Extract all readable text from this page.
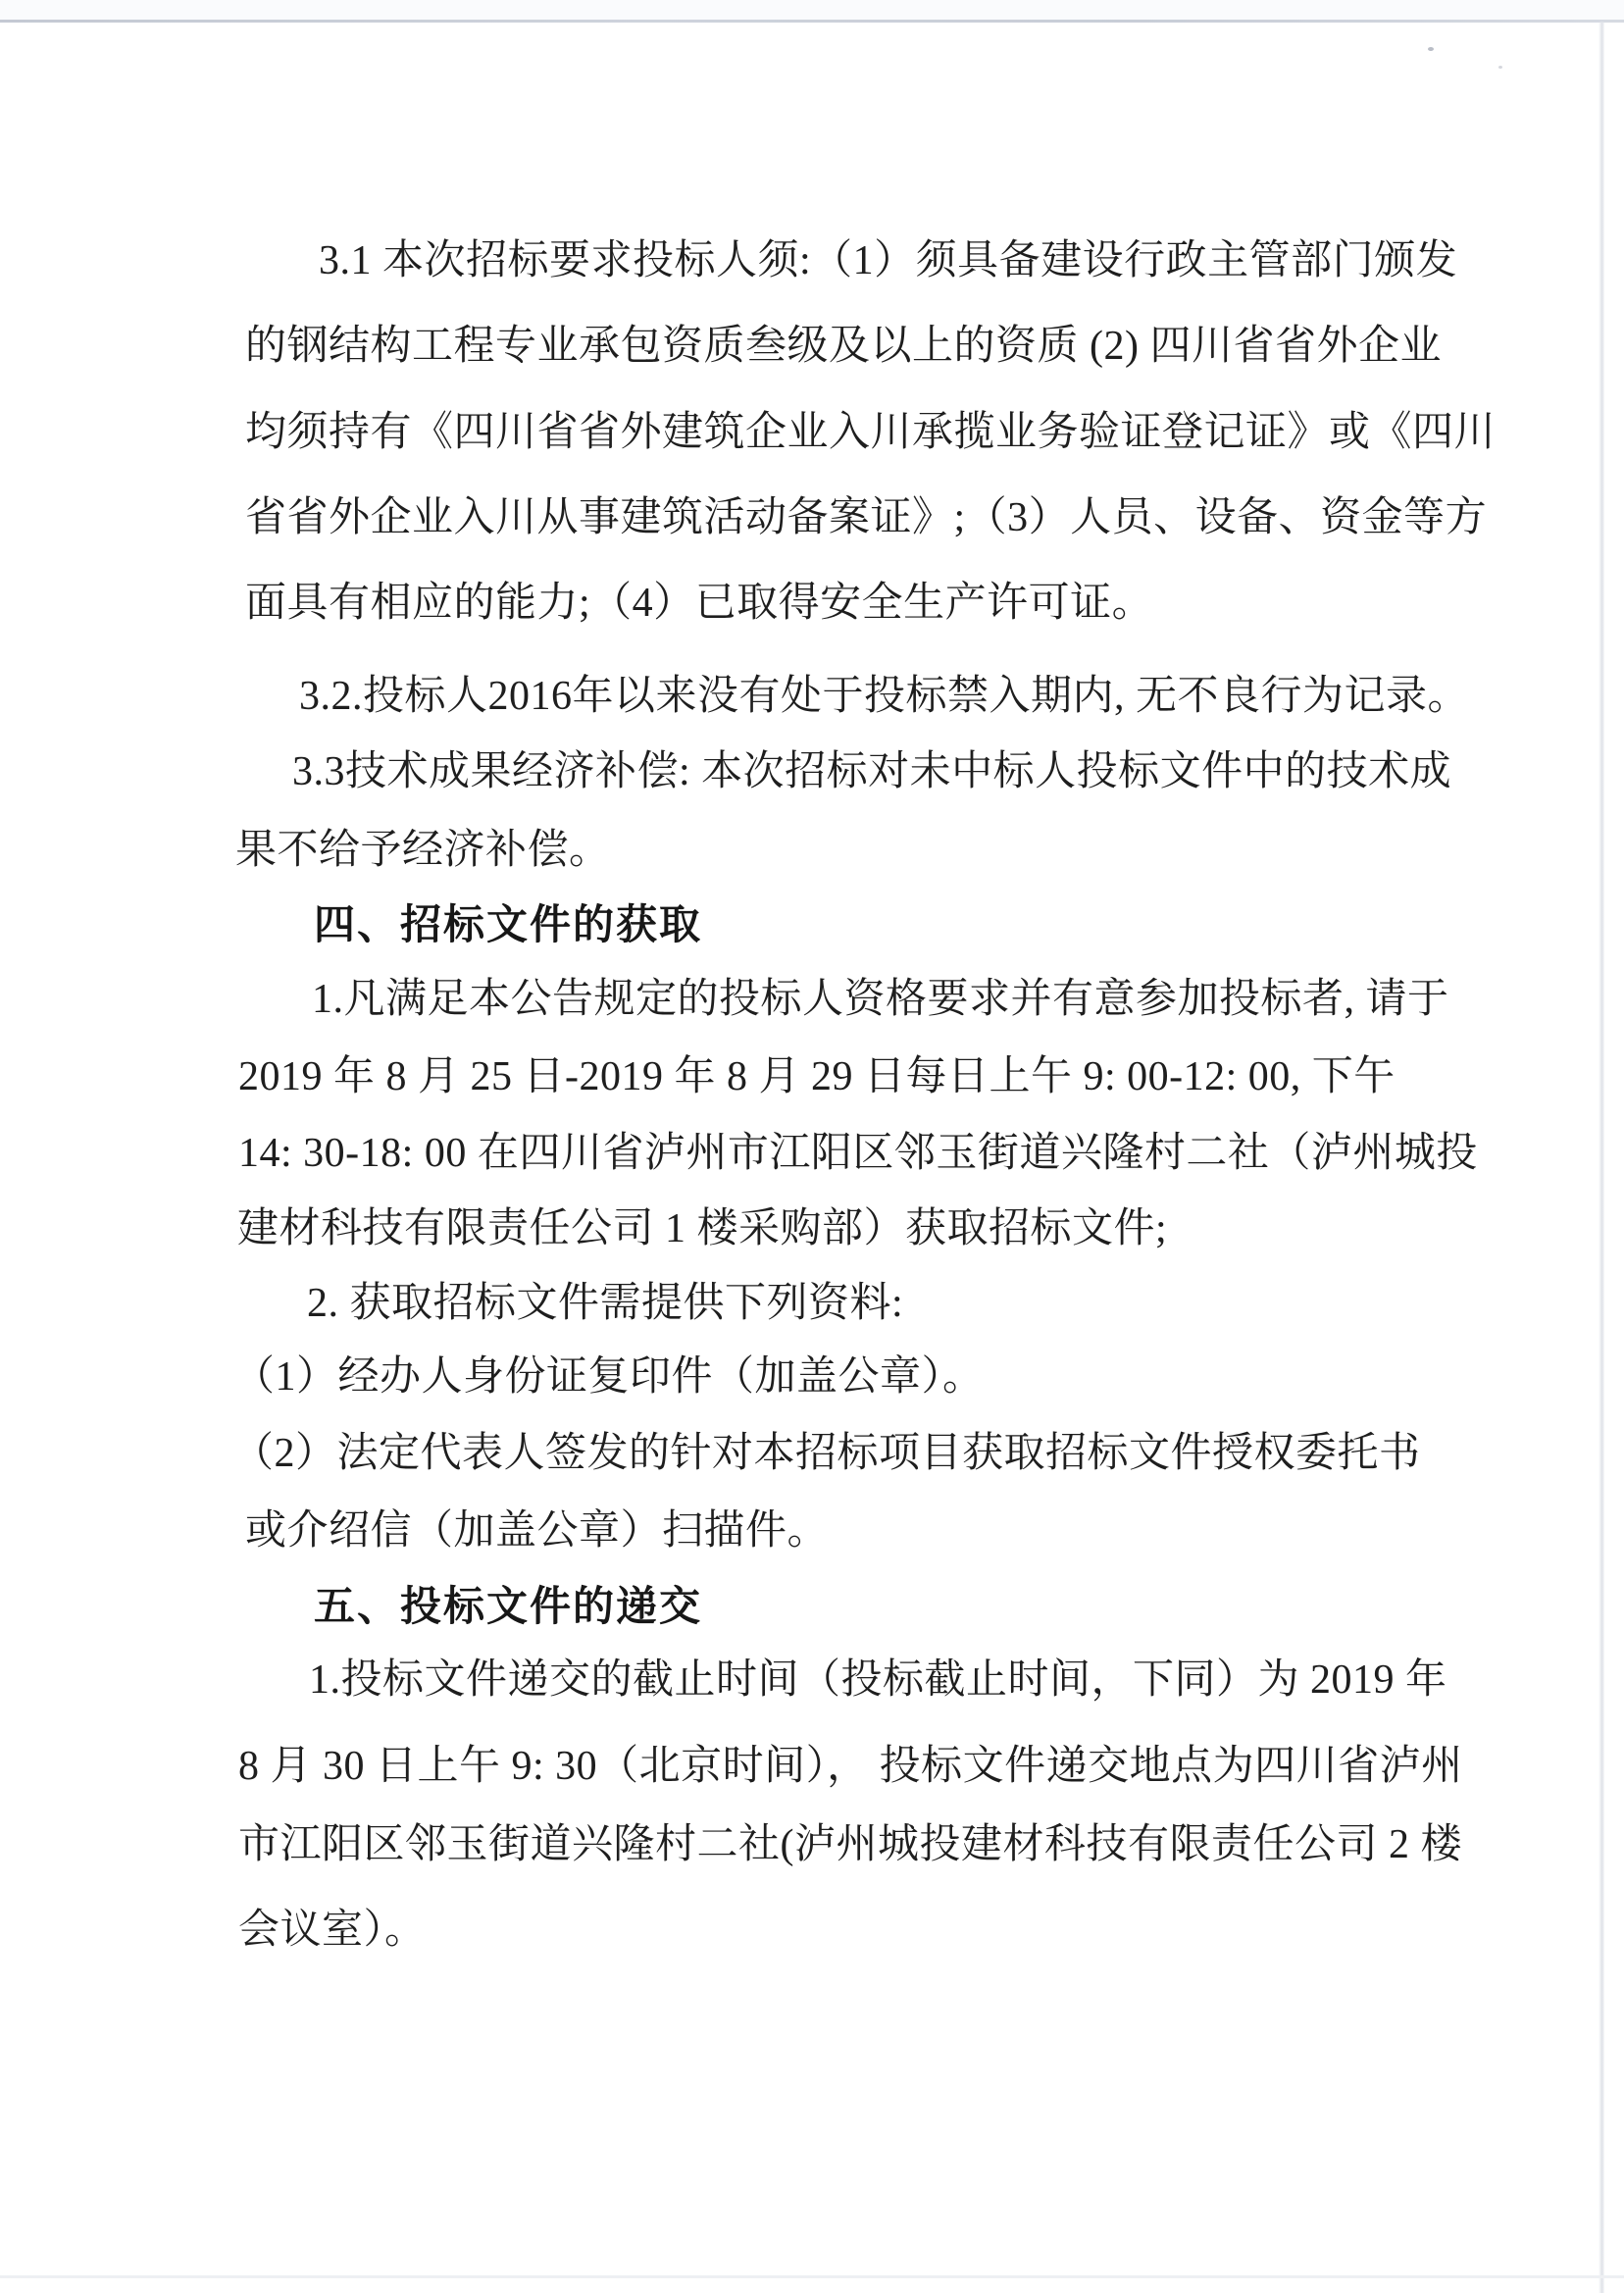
3.1 本次招标要求投标人须:（1）须具备建设行政主管部门颁发
的钢结构工程专业承包资质叁级及以上的资质 (2) 四川省省外企业
均须持有《四川省省外建筑企业入川承揽业务验证登记证》或《四川
省省外企业入川从事建筑活动备案证》;（3）人员、设备、资金等方
面具有相应的能力;（4）已取得安全生产许可证。
3.2.投标人2016年以来没有处于投标禁入期内, 无不良行为记录。
3.3技术成果经济补偿: 本次招标对未中标人投标文件中的技术成
果不给予经济补偿。
四、招标文件的获取
1.凡满足本公告规定的投标人资格要求并有意参加投标者, 请于
2019 年 8 月 25 日-2019 年 8 月 29 日每日上午 9: 00-12: 00, 下午
14: 30-18: 00 在四川省泸州市江阳区邻玉街道兴隆村二社（泸州城投
建材科技有限责任公司 1 楼采购部）获取招标文件;
2. 获取招标文件需提供下列资料:
（1）经办人身份证复印件（加盖公章）。
（2）法定代表人签发的针对本招标项目获取招标文件授权委托书
或介绍信（加盖公章）扫描件。
五、投标文件的递交
1.投标文件递交的截止时间（投标截止时间，下同）为 2019 年
8 月 30 日上午 9: 30（北京时间）， 投标文件递交地点为四川省泸州
市江阳区邻玉街道兴隆村二社(泸州城投建材科技有限责任公司 2 楼
会议室）。
